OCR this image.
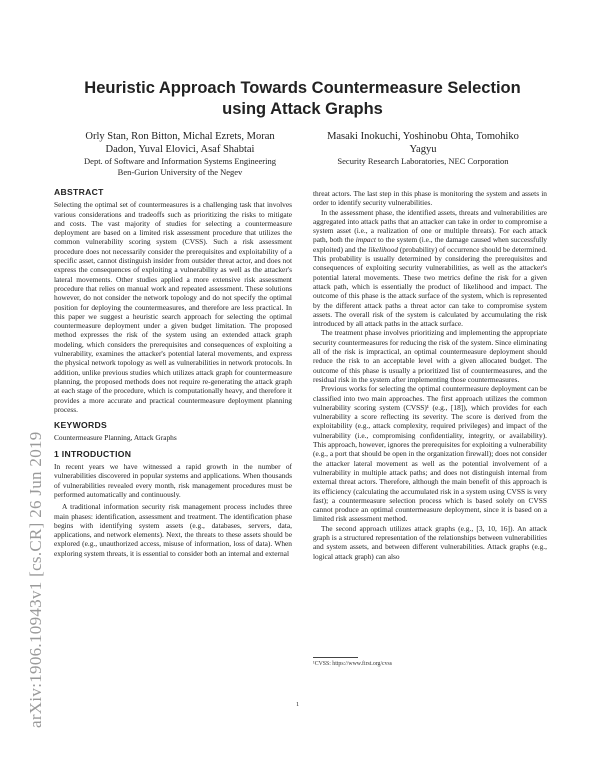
arXiv:1906.10943v1 [cs.CR] 26 Jun 2019
Heuristic Approach Towards Countermeasure Selection using Attack Graphs
Orly Stan, Ron Bitton, Michal Ezrets, Moran
Dadon, Yuval Elovici, Asaf Shabtai
Dept. of Software and Information Systems Engineering
Ben-Gurion University of the Negev
Masaki Inokuchi, Yoshinobu Ohta, Tomohiko
Yagyu
Security Research Laboratories, NEC Corporation
ABSTRACT

Selecting the optimal set of countermeasures is a challenging task that involves various considerations and tradeoffs such as prioritizing the risks to mitigate and costs. The vast majority of studies for selecting a countermeasure deployment are based on a limited risk assessment procedure that utilizes the common vulnerability scoring system (CVSS). Such a risk assessment procedure does not necessarily consider the prerequisites and exploitability of a specific asset, cannot distinguish insider from outsider threat actor, and does not express the consequences of exploiting a vulnerability as well as the attacker's lateral movements. Other studies applied a more extensive risk assessment procedure that relies on manual work and repeated assessment. These solutions however, do not consider the network topology and do not specify the optimal position for deploying the countermeasures, and therefore are less practical. In this paper we suggest a heuristic search approach for selecting the optimal countermeasure deployment under a given budget limitation. The proposed method expresses the risk of the system using an extended attack graph modeling, which considers the prerequisites and consequences of exploiting a vulnerability, examines the attacker's potential lateral movements, and express the physical network topology as well as vulnerabilities in network protocols. In addition, unlike previous studies which utilizes attack graph for countermeasure planning, the proposed methods does not require re-generating the attack graph at each stage of the procedure, which is computationally heavy, and therefore it provides a more accurate and practical countermeasure deployment planning process.

KEYWORDS

Countermeasure Planning, Attack Graphs

1 INTRODUCTION

In recent years we have witnessed a rapid growth in the number of vulnerabilities discovered in popular systems and applications. When thousands of vulnerabilities revealed every month, risk management procedures must be performed automatically and continuously.

A traditional information security risk management process includes three main phases: identification, assessment and treatment. The identification phase begins with identifying system assets (e.g., databases, servers, data, applications, and network elements). Next, the threats to these assets should be explored (e.g., unauthorized access, misuse of information, loss of data). When exploring system threats, it is essential to consider both an internal and external

threat actors. The last step in this phase is monitoring the system and assets in order to identify security vulnerabilities.

In the assessment phase, the identified assets, threats and vulnerabilities are aggregated into attack paths that an attacker can take in order to compromise a system asset (i.e., a realization of one or multiple threats). For each attack path, both the impact to the system (i.e., the damage caused when successfully exploited) and the likelihood (probability) of occurrence should be determined. This probability is usually determined by considering the prerequisites and consequences of exploiting security vulnerabilities, as well as the attacker's potential lateral movements. These two metrics define the risk for a given attack path, which is essentially the product of likelihood and impact. The outcome of this phase is the attack surface of the system, which is represented by the different attack paths a threat actor can take to compromise system assets. The overall risk of the system is calculated by accumulating the risk introduced by all attack paths in the attack surface.

The treatment phase involves prioritizing and implementing the appropriate security countermeasures for reducing the risk of the system. Since eliminating all of the risk is impractical, an optimal countermeasure deployment should reduce the risk to an acceptable level with a given allocated budget. The outcome of this phase is usually a prioritized list of countermeasures, and the residual risk in the system after implementing those countermeasures.

Previous works for selecting the optimal countermeasure deployment can be classified into two main approaches. The first approach utilizes the common vulnerability scoring system (CVSS)¹ (e.g., [18]), which provides for each vulnerability a score reflecting its severity. The score is derived from the exploitability (e.g., attack complexity, required privileges) and impact of the vulnerability (i.e., compromising confidentiality, integrity, or availability). This approach, however, ignores the prerequisites for exploiting a vulnerability (e.g., a port that should be open in the organization firewall); does not consider the attacker lateral movement as well as the potential involvement of a vulnerability in multiple attack paths; and does not distinguish internal from external threat actors. Therefore, although the main benefit of this approach is its efficiency (calculating the accumulated risk in a system using CVSS is very fast); a countermeasure selection process which is based solely on CVSS cannot produce an optimal countermeasure deployment, since it is based on a limited risk assessment method.

The second approach utilizes attack graphs (e.g., [3, 10, 16]). An attack graph is a structured representation of the relationships between vulnerabilities and system assets, and between different vulnerabilities. Attack graphs (e.g., logical attack graph) can also

¹CVSS: https://www.first.org/cvss
1
